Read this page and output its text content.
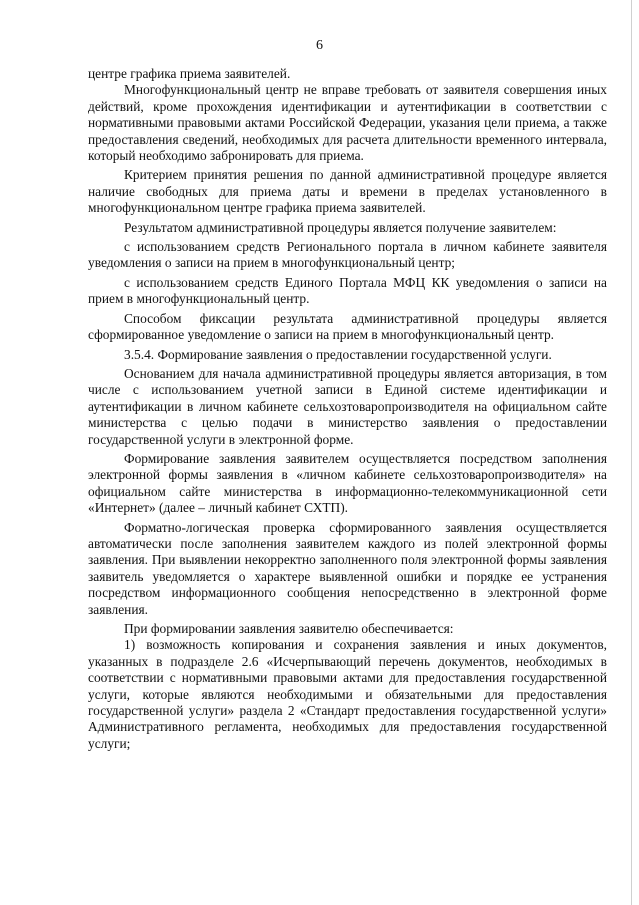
6

центре графика приема заявителей.

Многофункциональный центр не вправе требовать от заявителя совершения иных действий, кроме прохождения идентификации и аутентификации в соответствии с нормативными правовыми актами Российской Федерации, указания цели приема, а также предоставления сведений, необходимых для расчета длительности временного интервала, который необходимо забронировать для приема.

Критерием принятия решения по данной административной процедуре является наличие свободных для приема даты и времени в пределах установленного в многофункциональном центре графика приема заявителей.

Результатом административной процедуры является получение заявителем:

с использованием средств Регионального портала в личном кабинете заявителя уведомления о записи на прием в многофункциональный центр;

с использованием средств Единого Портала МФЦ КК уведомления о записи на прием в многофункциональный центр.

Способом фиксации результата административной процедуры является сформированное уведомление о записи на прием в многофункциональный центр.

3.5.4. Формирование заявления о предоставлении государственной услуги.

Основанием для начала административной процедуры является авторизация, в том числе с использованием учетной записи в Единой системе идентификации и аутентификации в личном кабинете сельхозтоваропроизводителя на официальном сайте министерства с целью подачи в министерство заявления о предоставлении государственной услуги в электронной форме.

Формирование заявления заявителем осуществляется посредством заполнения электронной формы заявления в «личном кабинете сельхозтоваропроизводителя» на официальном сайте министерства в информационно-телекоммуникационной сети «Интернет» (далее – личный кабинет СХТП).

Форматно-логическая проверка сформированного заявления осуществляется автоматически после заполнения заявителем каждого из полей электронной формы заявления. При выявлении некорректно заполненного поля электронной формы заявления заявитель уведомляется о характере выявленной ошибки и порядке ее устранения посредством информационного сообщения непосредственно в электронной форме заявления.

При формировании заявления заявителю обеспечивается:

1) возможность копирования и сохранения заявления и иных документов, указанных в подразделе 2.6 «Исчерпывающий перечень документов, необходимых в соответствии с нормативными правовыми актами для предоставления государственной услуги, которые являются необходимыми и обязательными для предоставления государственной услуги» раздела 2 «Стандарт предоставления государственной услуги» Административного регламента, необходимых для предоставления государственной услуги;
